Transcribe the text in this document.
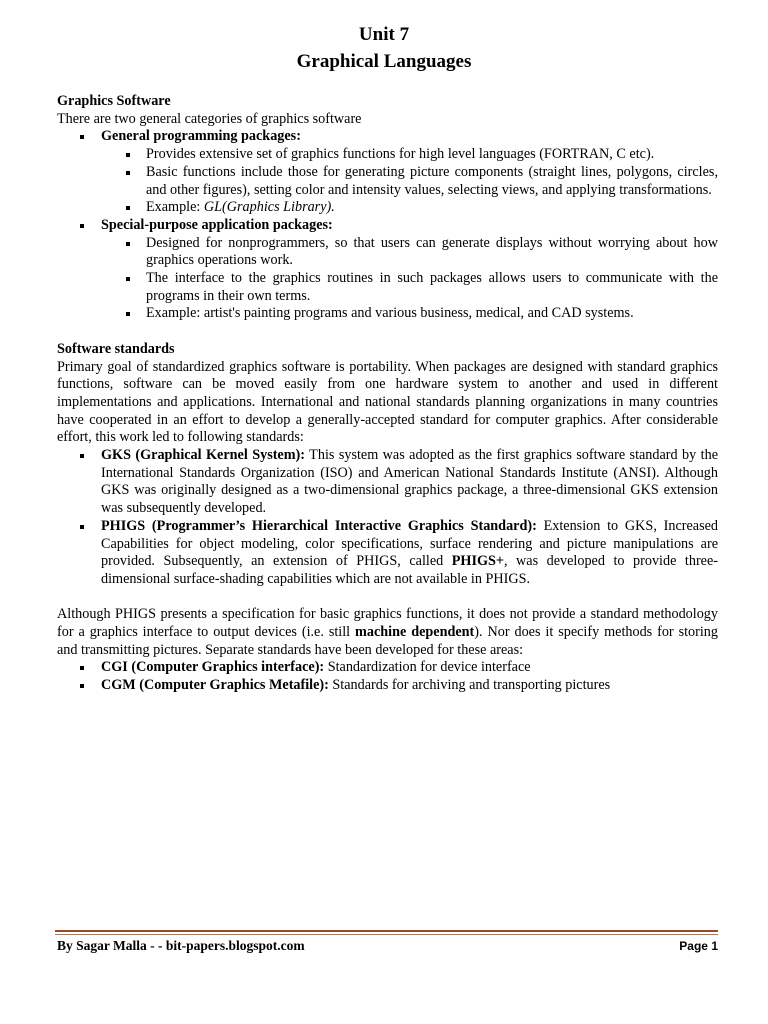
Unit 7
Graphical Languages

Graphics Software

There are two general categories of graphics software

General programming packages:
Provides extensive set of graphics functions for high level languages (FORTRAN, C etc).
Basic functions include those for generating picture components (straight lines, polygons, circles, and other figures), setting color and intensity values, selecting views, and applying transformations.
Example: GL(Graphics Library).
Special-purpose application packages:
Designed for nonprogrammers, so that users can generate displays without worrying about how graphics operations work.
The interface to the graphics routines in such packages allows users to communicate with the programs in their own terms.
Example: artist's painting programs and various business, medical, and CAD systems.

Software standards

Primary goal of standardized graphics software is portability. When packages are designed with standard graphics functions, software can be moved easily from one hardware system to another and used in different implementations and applications. International and national standards planning organizations in many countries have cooperated in an effort to develop a generally-accepted standard for computer graphics. After considerable effort, this work led to following standards:

GKS (Graphical Kernel System): This system was adopted as the first graphics software standard by the International Standards Organization (ISO) and American National Standards Institute (ANSI). Although GKS was originally designed as a two-dimensional graphics package, a three-dimensional GKS extension was subsequently developed.
PHIGS (Programmer’s Hierarchical Interactive Graphics Standard): Extension to GKS, Increased Capabilities for object modeling, color specifications, surface rendering and picture manipulations are provided. Subsequently, an extension of PHIGS, called PHIGS+, was developed to provide three-dimensional surface-shading capabilities which are not available in PHIGS.

Although PHIGS presents a specification for basic graphics functions, it does not provide a standard methodology for a graphics interface to output devices (i.e. still machine dependent). Nor does it specify methods for storing and transmitting pictures. Separate standards have been developed for these areas:

CGI (Computer Graphics interface): Standardization for device interface
CGM (Computer Graphics Metafile): Standards for archiving and transporting pictures
By Sagar Malla - - bit-papers.blogspot.com	Page 1
